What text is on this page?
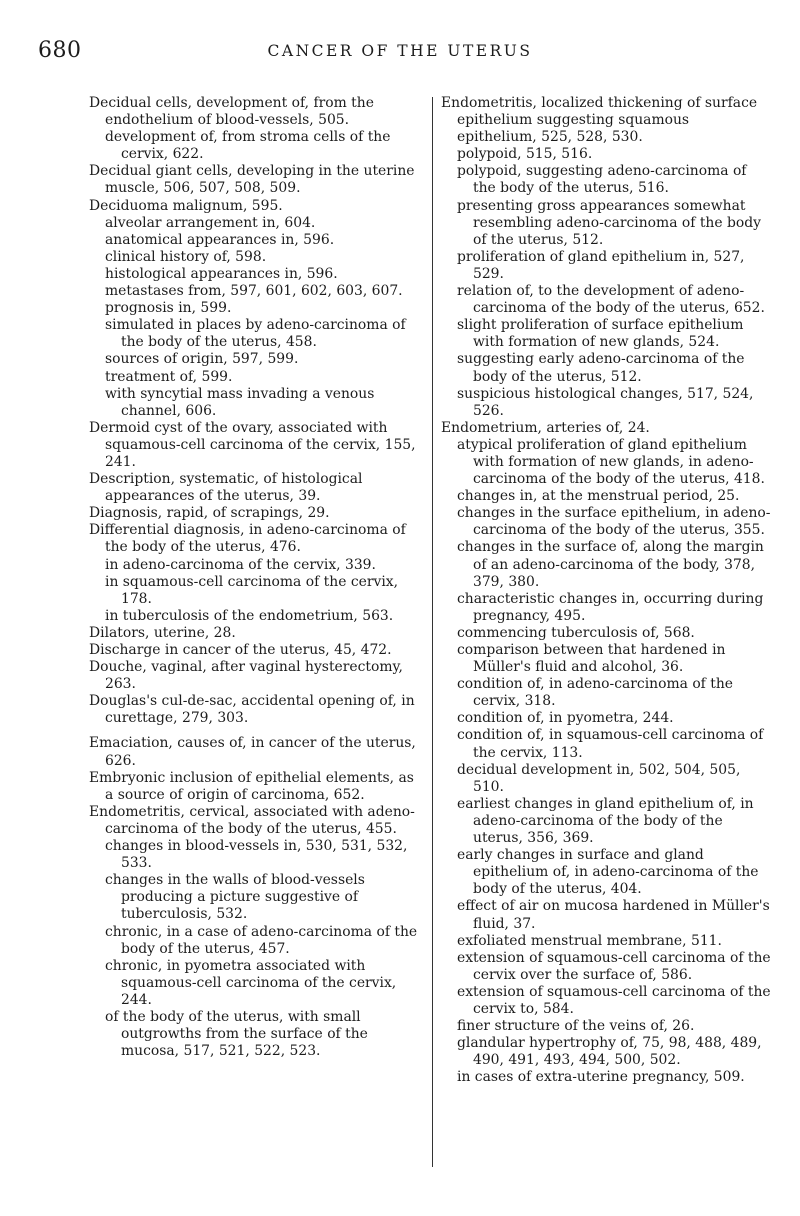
680	CANCER OF THE UTERUS

Decidual cells, development of, from the endothelium of blood-vessels, 505.

development of, from stroma cells of the cervix, 622.

Decidual giant cells, developing in the uterine muscle, 506, 507, 508, 509.

Deciduoma malignum, 595.

alveolar arrangement in, 604.

anatomical appearances in, 596.

clinical history of, 598.

histological appearances in, 596.

metastases from, 597, 601, 602, 603, 607.

prognosis in, 599.

simulated in places by adeno-carcinoma of the body of the uterus, 458.

sources of origin, 597, 599.

treatment of, 599.

with syncytial mass invading a venous channel, 606.

Dermoid cyst of the ovary, associated with squamous-cell carcinoma of the cervix, 155, 241.

Description, systematic, of histological appearances of the uterus, 39.

Diagnosis, rapid, of scrapings, 29.

Differential diagnosis, in adeno-carcinoma of the body of the uterus, 476.

in adeno-carcinoma of the cervix, 339.

in squamous-cell carcinoma of the cervix, 178.

in tuberculosis of the endometrium, 563.

Dilators, uterine, 28.

Discharge in cancer of the uterus, 45, 472.

Douche, vaginal, after vaginal hysterectomy, 263.

Douglas's cul-de-sac, accidental opening of, in curettage, 279, 303.

Emaciation, causes of, in cancer of the uterus, 626.

Embryonic inclusion of epithelial elements, as a source of origin of carcinoma, 652.

Endometritis, cervical, associated with adeno-carcinoma of the body of the uterus, 455.

changes in blood-vessels in, 530, 531, 532, 533.

changes in the walls of blood-vessels producing a picture suggestive of tuberculosis, 532.

chronic, in a case of adeno-carcinoma of the body of the uterus, 457.

chronic, in pyometra associated with squamous-cell carcinoma of the cervix, 244.

of the body of the uterus, with small outgrowths from the surface of the mucosa, 517, 521, 522, 523.

Endometritis, localized thickening of surface epithelium suggesting squamous epithelium, 525, 528, 530.

polypoid, 515, 516.

polypoid, suggesting adeno-carcinoma of the body of the uterus, 516.

presenting gross appearances somewhat resembling adeno-carcinoma of the body of the uterus, 512.

proliferation of gland epithelium in, 527, 529.

relation of, to the development of adeno-carcinoma of the body of the uterus, 652.

slight proliferation of surface epithelium with formation of new glands, 524.

suggesting early adeno-carcinoma of the body of the uterus, 512.

suspicious histological changes, 517, 524, 526.

Endometrium, arteries of, 24.

atypical proliferation of gland epithelium with formation of new glands, in adeno-carcinoma of the body of the uterus, 418.

changes in, at the menstrual period, 25.

changes in the surface epithelium, in adeno-carcinoma of the body of the uterus, 355.

changes in the surface of, along the margin of an adeno-carcinoma of the body, 378, 379, 380.

characteristic changes in, occurring during pregnancy, 495.

commencing tuberculosis of, 568.

comparison between that hardened in Müller's fluid and alcohol, 36.

condition of, in adeno-carcinoma of the cervix, 318.

condition of, in pyometra, 244.

condition of, in squamous-cell carcinoma of the cervix, 113.

decidual development in, 502, 504, 505, 510.

earliest changes in gland epithelium of, in adeno-carcinoma of the body of the uterus, 356, 369.

early changes in surface and gland epithelium of, in adeno-carcinoma of the body of the uterus, 404.

effect of air on mucosa hardened in Müller's fluid, 37.

exfoliated menstrual membrane, 511.

extension of squamous-cell carcinoma of the cervix over the surface of, 586.

extension of squamous-cell carcinoma of the cervix to, 584.

finer structure of the veins of, 26.

glandular hypertrophy of, 75, 98, 488, 489, 490, 491, 493, 494, 500, 502.

in cases of extra-uterine pregnancy, 509.
